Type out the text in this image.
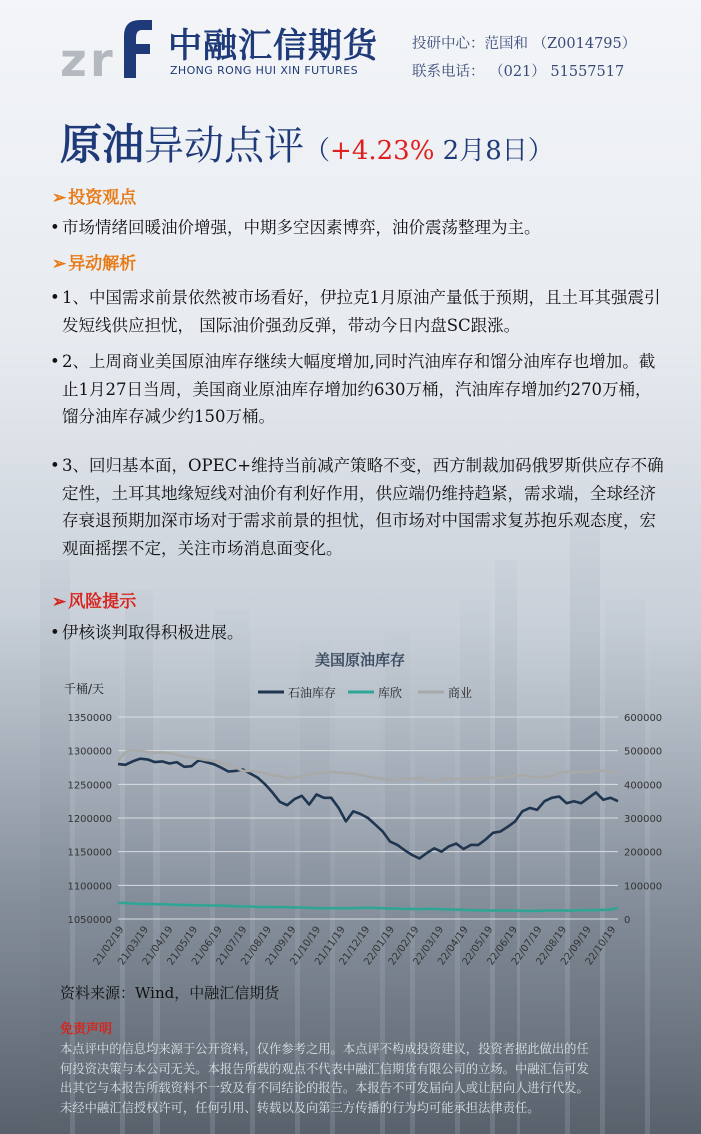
z r 中融汇信期货
ZHONG RONG HUI XIN FUTURES
投研中心：范国和 （Z0014795）
联系电话： （021） 51557517
原油异动点评（+4.23% 2月8日）
➢ 投资观点
• 市场情绪回暖油价增强，中期多空因素博弈，油价震荡整理为主。
➢ 异动解析
• 1、中国需求前景依然被市场看好，伊拉克1月原油产量低于预期，且土耳其强震引发短线供应担忧， 国际油价强劲反弹，带动今日内盘SC跟涨。
• 2、上周商业美国原油库存继续大幅度增加,同时汽油库存和馏分油库存也增加。截止1月27日当周，美国商业原油库存增加约630万桶，汽油库存增加约270万桶，馏分油库存减少约150万桶。
• 3、回归基本面，OPEC+维持当前减产策略不变，西方制裁加码俄罗斯供应存不确定性，土耳其地缘短线对油价有利好作用，供应端仍维持趋紧，需求端，全球经济存衰退预期加深市场对于需求前景的担忧，但市场对中国需求复苏抱乐观态度，宏观面摇摆不定，关注市场消息面变化。
➢ 风险提示
• 伊核谈判取得积极进展。
美国原油库存
千桶/天	石油库存	库欣	商业
1350000
1300000
1250000
1200000
1150000
1100000
1050000
600000
500000
400000
300000
200000
100000
0
21/02/19
21/03/19
21/04/19
21/05/19
21/06/19
21/07/19
21/08/19
21/09/19
21/10/19
21/11/19
21/12/19
22/01/19
22/02/19
22/03/19
22/04/19
22/05/19
22/06/19
22/07/19
22/08/19
22/09/19
22/10/19
资料来源：Wind，中融汇信期货
免责声明
本点评中的信息均来源于公开资料，仅作参考之用。本点评不构成投资建议，投资者据此做出的任
何投资决策与本公司无关。本报告所载的观点不代表中融汇信期货有限公司的立场。中融汇信可发
出其它与本报告所载资料不一致及有不同结论的报告。本报告不可发届向人或让居向人进行代发。
未经中融汇信授权许可，任何引用、转载以及向第三方传播的行为均可能承担法律责任。
